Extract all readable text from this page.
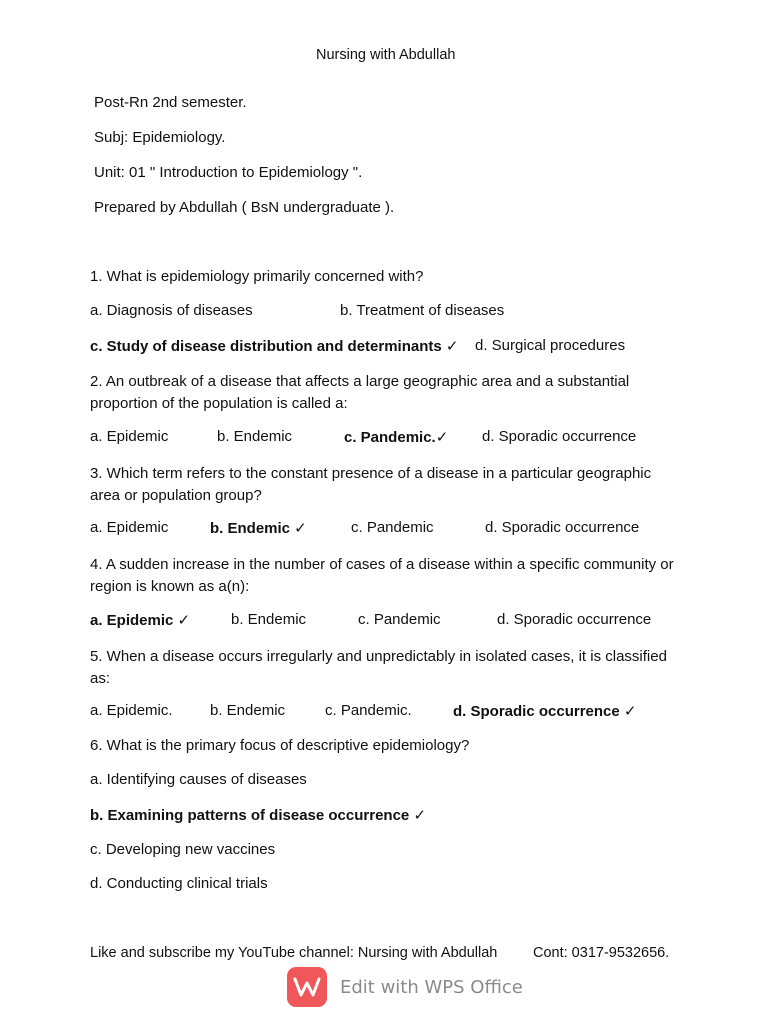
Nursing with Abdullah
Post-Rn 2nd semester.
Subj: Epidemiology.
Unit: 01 " Introduction to Epidemiology ".
Prepared by Abdullah ( BsN undergraduate ).
1. What is epidemiology primarily concerned with?
a. Diagnosis of diseases	b. Treatment of diseases
c. Study of disease distribution and determinants ✓ d. Surgical procedures
2. An outbreak of a disease that affects a large geographic area and a substantial proportion of the population is called a:
a. Epidemic	b. Endemic	c. Pandemic.✓ d. Sporadic occurrence
3. Which term refers to the constant presence of a disease in a particular geographic area or population group?
a. Epidemic	b. Endemic ✓	c. Pandemic	d. Sporadic occurrence
4. A sudden increase in the number of cases of a disease within a specific community or region is known as a(n):
a. Epidemic ✓	b. Endemic	c. Pandemic	d. Sporadic occurrence
5. When a disease occurs irregularly and unpredictably in isolated cases, it is classified as:
a. Epidemic. b. Endemic	c. Pandemic.	d. Sporadic occurrence ✓
6. What is the primary focus of descriptive epidemiology?
a. Identifying causes of diseases
b. Examining patterns of disease occurrence ✓
c. Developing new vaccines
d. Conducting clinical trials
Like and subscribe my YouTube channel: Nursing with Abdullah Cont: 0317-9532656.
Edit with WPS Office
